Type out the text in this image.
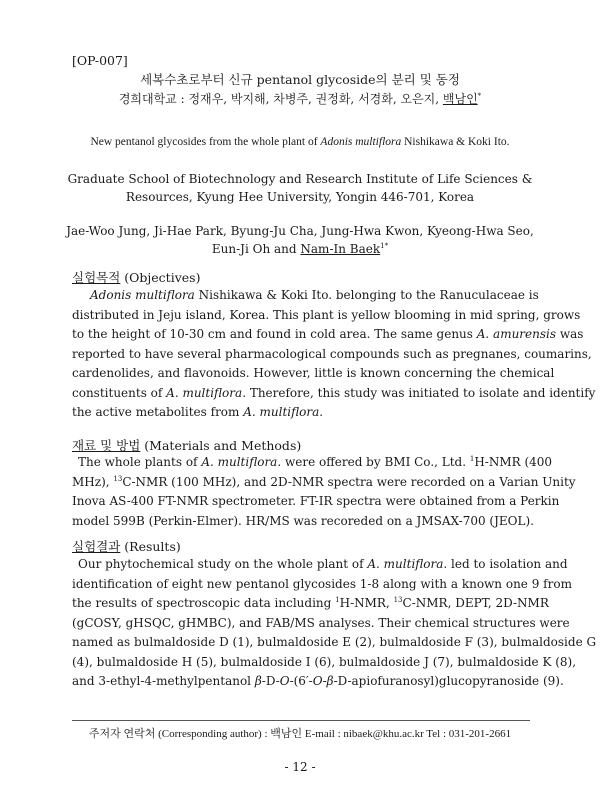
[OP-007]
세복수초로부터 신규 pentanol glycoside의 분리 및 동정
경희대학교 : 정재우, 박지해, 차병주, 권정화, 서경화, 오은지, 백남인*
New pentanol glycosides from the whole plant of Adonis multiflora Nishikawa & Koki Ito.
Graduate School of Biotechnology and Research Institute of Life Sciences &
Resources, Kyung Hee University, Yongin 446-701, Korea
Jae-Woo Jung, Ji-Hae Park, Byung-Ju Cha, Jung-Hwa Kwon, Kyeong-Hwa Seo,
Eun-Ji Oh and Nam-In Baek$^{1*}$
실험목적 (Objectives)
Adonis multiflora Nishikawa & Koki Ito. belonging to the Ranuculaceae is
distributed in Jeju island, Korea. This plant is yellow blooming in mid spring, grows
to the height of 10-30 cm and found in cold area. The same genus A. amurensis was
reported to have several pharmacological compounds such as pregnanes, coumarins,
cardenolides, and flavonoids. However, little is known concerning the chemical
constituents of A. multiflora. Therefore, this study was initiated to isolate and identify
the active metabolites from A. multiflora.
재료 및 방법 (Materials and Methods)
The whole plants of A. multiflora. were offered by BMI Co., Ltd. $^1$H-NMR (400
MHz), $^{13}$C-NMR (100 MHz), and 2D-NMR spectra were recorded on a Varian Unity
Inova AS-400 FT-NMR spectrometer. FT-IR spectra were obtained from a Perkin
model 599B (Perkin-Elmer). HR/MS was recoreded on a JMSAX-700 (JEOL).
실험결과 (Results)
Our phytochemical study on the whole plant of A. multiflora. led to isolation and
identification of eight new pentanol glycosides 1-8 along with a known one 9 from
the results of spectroscopic data including $^1$H-NMR, $^{13}$C-NMR, DEPT, 2D-NMR
(gCOSY, gHSQC, gHMBC), and FAB/MS analyses. Their chemical structures were
named as bulmaldoside D (1), bulmaldoside E (2), bulmaldoside F (3), bulmaldoside G
(4), bulmaldoside H (5), bulmaldoside I (6), bulmaldoside J (7), bulmaldoside K (8),
and 3-ethyl-4-methylpentanol β-D-O-(6′-O-β-D-apiofuranosyl)glucopyranoside (9).
주저자 연락처 (Corresponding author) : 백남인 E-mail : nibaek@khu.ac.kr Tel : 031-201-2661
- 12 -
